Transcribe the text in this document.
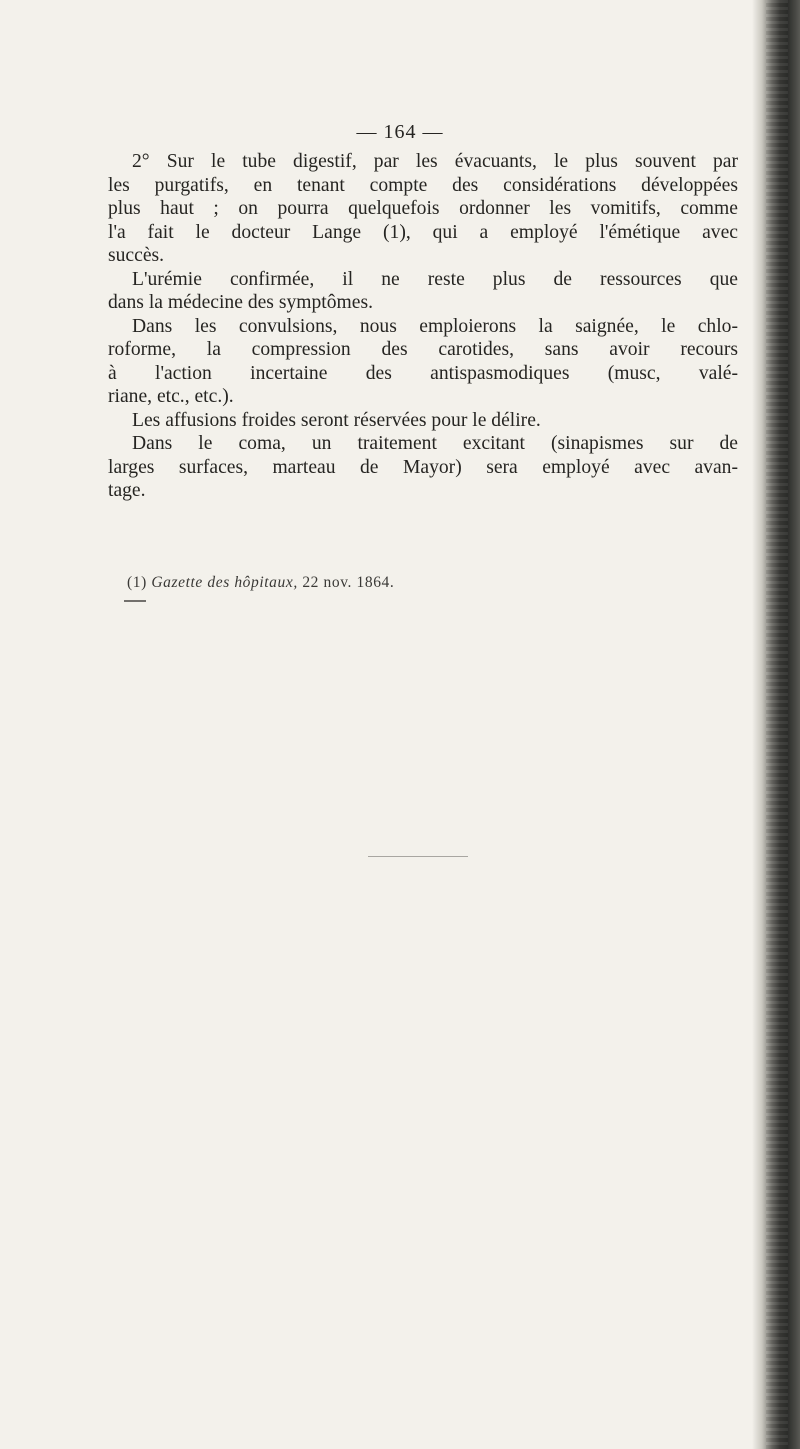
— 164 —

2° Sur le tube digestif, par les évacuants, le plus souvent par
les purgatifs, en tenant compte des considérations développées
plus haut ; on pourra quelquefois ordonner les vomitifs, comme
l'a fait le docteur Lange (1), qui a employé l'émétique avec
succès.

L'urémie confirmée, il ne reste plus de ressources que
dans la médecine des symptômes.

Dans les convulsions, nous emploierons la saignée, le chlo-
roforme, la compression des carotides, sans avoir recours
à l'action incertaine des antispasmodiques (musc, valé-
riane, etc., etc.).

Les affusions froides seront réservées pour le délire.

Dans le coma, un traitement excitant (sinapismes sur de
larges surfaces, marteau de Mayor) sera employé avec avan-
tage.

(1) Gazette des hôpitaux, 22 nov. 1864.
